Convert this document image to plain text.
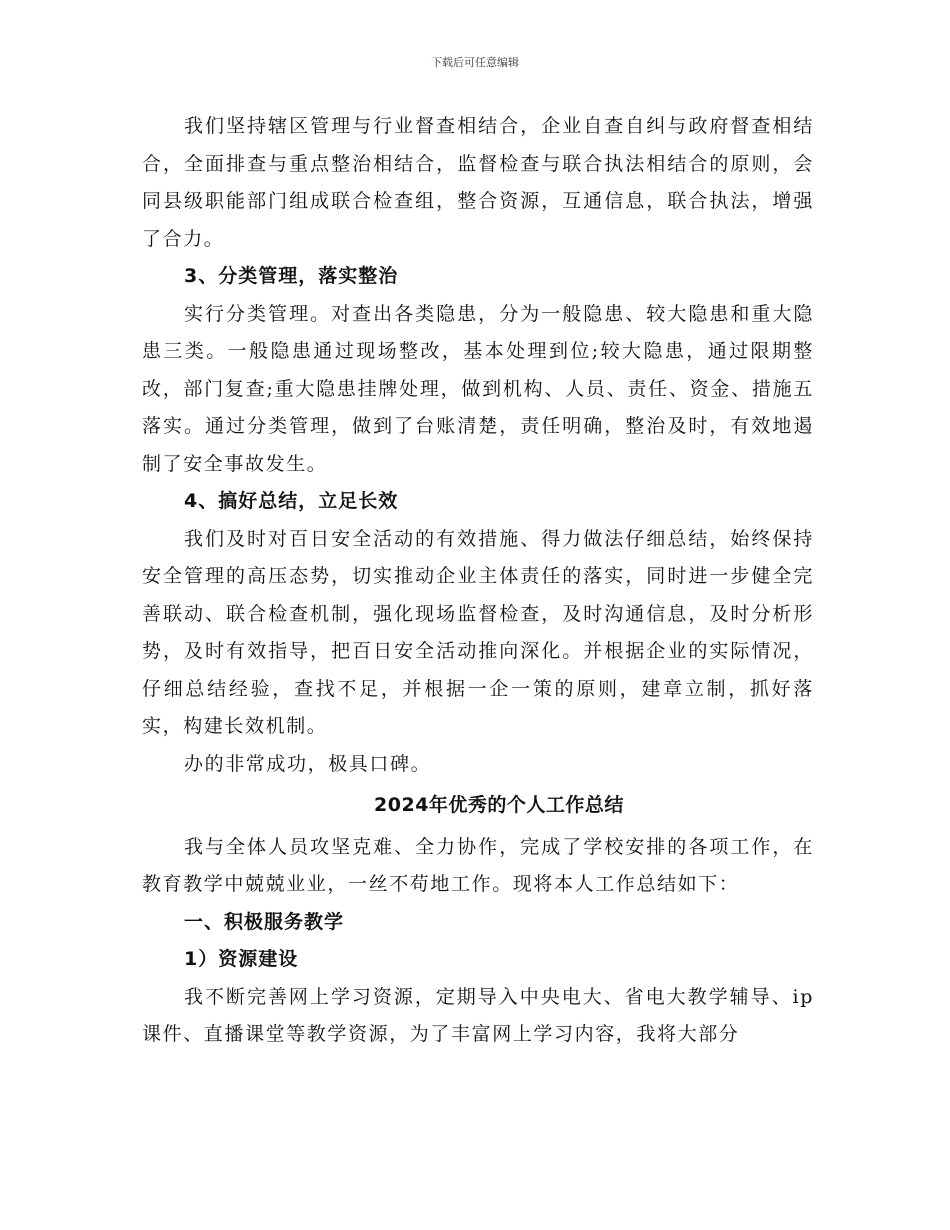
下载后可任意编辑

我们坚持辖区管理与行业督查相结合，企业自查自纠与政府督查相结合，全面排查与重点整治相结合，监督检查与联合执法相结合的原则，会同县级职能部门组成联合检查组，整合资源，互通信息，联合执法，增强了合力。

3、分类管理，落实整治

实行分类管理。对查出各类隐患，分为一般隐患、较大隐患和重大隐患三类。一般隐患通过现场整改，基本处理到位;较大隐患，通过限期整改，部门复查;重大隐患挂牌处理，做到机构、人员、责任、资金、措施五落实。通过分类管理，做到了台账清楚，责任明确，整治及时，有效地遏制了安全事故发生。

4、搞好总结，立足长效

我们及时对百日安全活动的有效措施、得力做法仔细总结，始终保持安全管理的高压态势，切实推动企业主体责任的落实，同时进一步健全完善联动、联合检查机制，强化现场监督检查，及时沟通信息，及时分析形势，及时有效指导，把百日安全活动推向深化。并根据企业的实际情况，仔细总结经验，查找不足，并根据一企一策的原则，建章立制，抓好落实，构建长效机制。

办的非常成功，极具口碑。

2024年优秀的个人工作总结

我与全体人员攻坚克难、全力协作，完成了学校安排的各项工作，在教育教学中兢兢业业，一丝不苟地工作。现将本人工作总结如下：

一、积极服务教学

1）资源建设

我不断完善网上学习资源，定期导入中央电大、省电大教学辅导、ip课件、直播课堂等教学资源，为了丰富网上学习内容，我将大部分
